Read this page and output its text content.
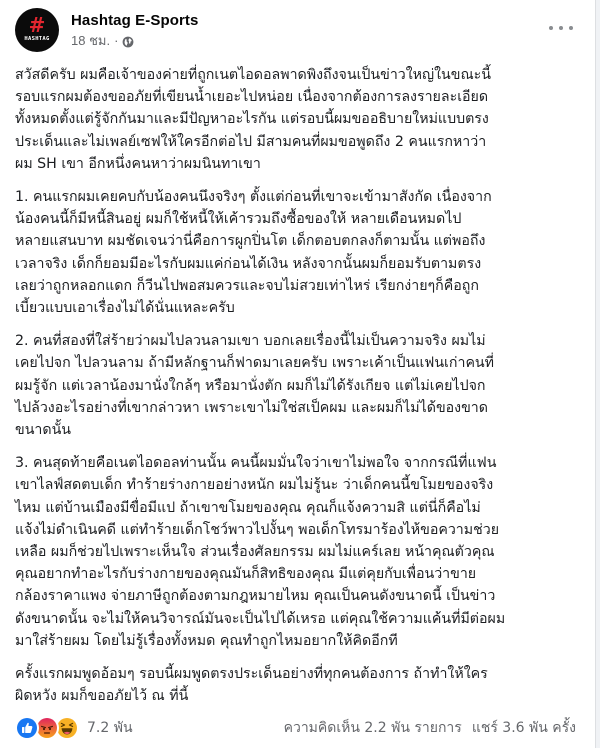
#
HASHTAG
Hashtag E-Sports
18 ชม. ·

สวัสดีครับ ผมคือเจ้าของค่ายที่ถูกเนตไอดอลพาดพิงถึงจนเป็นข่าวใหญ่ในขณะนี้
รอบแรกผมต้องขออภัยที่เขียนน้ำเยอะไปหน่อย เนื่องจากต้องการลงรายละเอียด
ทั้งหมดตั้งแต่รู้จักกันมาและมีปัญหาอะไรกัน แต่รอบนี้ผมขออธิบายใหม่แบบตรง
ประเด็นและไม่เพลย์เซฟให้ใครอีกต่อไป มีสามคนที่ผมขอพูดถึง 2 คนแรกหาว่า
ผม SH เขา อีกหนึ่งคนหาว่าผมนินทาเขา

1. คนแรกผมเคยคบกับน้องคนนึงจริงๆ ตั้งแต่ก่อนที่เขาจะเข้ามาสังกัด เนื่องจาก
น้องคนนี้ก็มีหนี้สินอยู่ ผมก็ใช้หนี้ให้เค้ารวมถึงซื้อของให้ หลายเดือนหมดไป
หลายแสนบาท ผมชัดเจนว่านี่คือการผูกปิ่นโต เด็กตอบตกลงก็ตามนั้น แต่พอถึง
เวลาจริง เด็กก็ยอมมีอะไรกับผมแค่ก่อนได้เงิน หลังจากนั้นผมก็ยอมรับตามตรง
เลยว่าถูกหลอกแดก ก็วีนไปพอสมควรและจบไม่สวยเท่าไหร่ เรียกง่ายๆก็คือถูก
เบี้ยวแบบเอาเรื่องไม่ได้นั่นแหละครับ

2. คนที่สองที่ใส่ร้ายว่าผมไปลวนลามเขา บอกเลยเรื่องนี้ไม่เป็นความจริง ผมไม่
เคยไปจก ไปลวนลาม ถ้ามีหลักฐานก็ฟาดมาเลยครับ เพราะเค้าเป็นแฟนเก่าคนที่
ผมรู้จัก แต่เวลาน้องมานั่งใกล้ๆ หรือมานั่งตัก ผมก็ไม่ได้รังเกียจ แต่ไม่เคยไปจก
ไปล้วงอะไรอย่างที่เขากล่าวหา เพราะเขาไม่ใช่สเป็คผม และผมก็ไม่ได้ของขาด
ขนาดนั้น

3. คนสุดท้ายคือเนตไอดอลท่านนั้น คนนี้ผมมั่นใจว่าเขาไม่พอใจ จากกรณีที่แฟน
เขาไลฟ์สดตบเด็ก ทำร้ายร่างกายอย่างหนัก ผมไม่รู้นะ ว่าเด็กคนนี้ขโมยของจริง
ไหม แต่บ้านเมืองมีขื่อมีแป ถ้าเขาขโมยของคุณ คุณก็แจ้งความสิ แต่นี่ก็คือไม่
แจ้งไม่ดำเนินคดี แต่ทำร้ายเด็กโชว์พาวไปงั้นๆ พอเด็กโทรมาร้องไห้ขอความช่วย
เหลือ ผมก็ช่วยไปเพราะเห็นใจ ส่วนเรื่องศัลยกรรม ผมไม่แคร์เลย หน้าคุณตัวคุณ
คุณอยากทำอะไรกับร่างกายของคุณมันก็สิทธิของคุณ มีแต่คุยกับเพื่อนว่าขาย
กล้องราคาแพง จ่ายภาษีถูกต้องตามกฎหมายไหม คุณเป็นคนดังขนาดนี้ เป็นข่าว
ดังขนาดนั้น จะไม่ให้คนวิจารณ์มันจะเป็นไปได้เหรอ แต่คุณใช้ความแค้นที่มีต่อผม
มาใส่ร้ายผม โดยไม่รู้เรื่องทั้งหมด คุณทำถูกไหมอยากให้คิดอีกที

ครั้งแรกผมพูดอ้อมๆ รอบนี้ผมพูดตรงประเด็นอย่างที่ทุกคนต้องการ ถ้าทำให้ใคร
ผิดหวัง ผมก็ขออภัยไว้ ณ ที่นี้

7.2 พัน	ความคิดเห็น 2.2 พัน รายการ แชร์ 3.6 พัน ครั้ง
